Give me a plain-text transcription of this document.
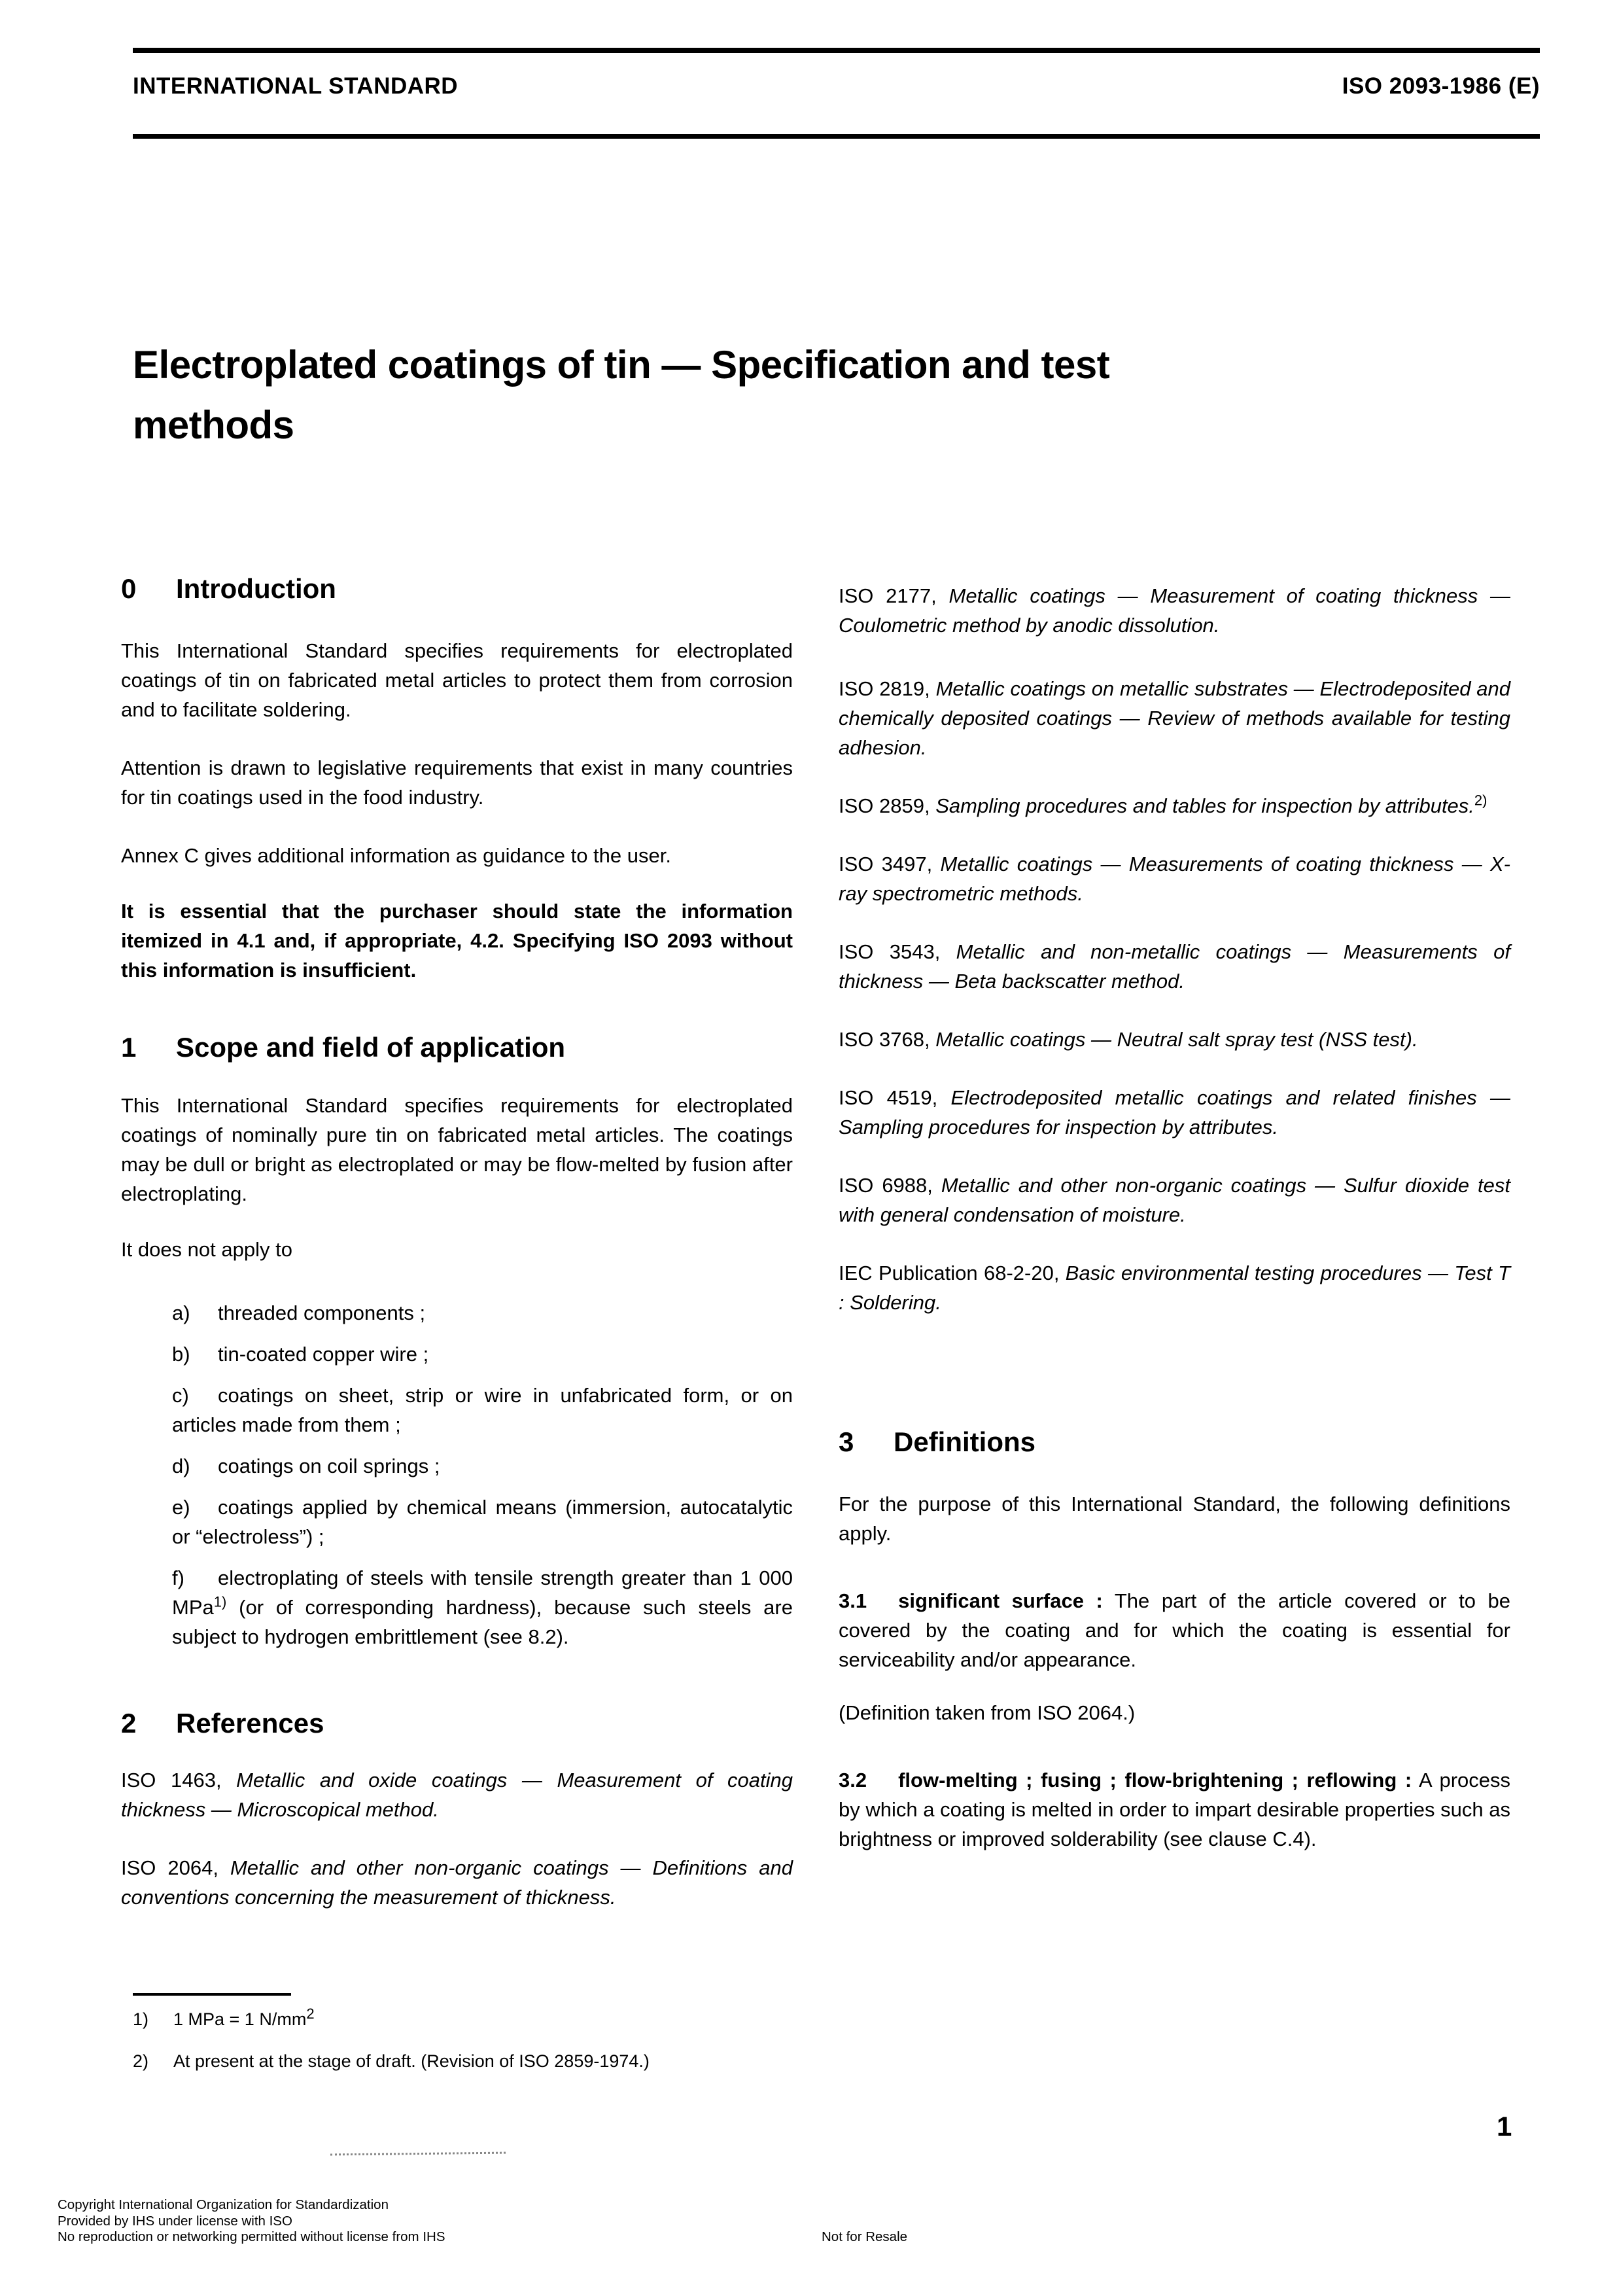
INTERNATIONAL STANDARD	ISO 2093-1986 (E)
Electroplated coatings of tin — Specification and test
methods
0 Introduction

This International Standard specifies requirements for electroplated coatings of tin on fabricated metal articles to protect them from corrosion and to facilitate soldering.

Attention is drawn to legislative requirements that exist in many countries for tin coatings used in the food industry.

Annex C gives additional information as guidance to the user.

It is essential that the purchaser should state the information itemized in 4.1 and, if appropriate, 4.2. Specifying ISO 2093 without this information is insufficient.

1 Scope and field of application

This International Standard specifies requirements for electroplated coatings of nominally pure tin on fabricated metal articles. The coatings may be dull or bright as electroplated or may be flow-melted by fusion after electroplating.

It does not apply to

a) threaded components ;
b) tin-coated copper wire ;
c) coatings on sheet, strip or wire in unfabricated form, or on articles made from them ;
d) coatings on coil springs ;
e) coatings applied by chemical means (immersion, autocatalytic or “electroless”) ;
f) electroplating of steels with tensile strength greater than 1 000 MPa$^{1)}$ (or of corresponding hardness), because such steels are subject to hydrogen embrittlement (see 8.2).
2 References

ISO 1463, Metallic and oxide coatings — Measurement of coating thickness — Microscopical method.

ISO 2064, Metallic and other non-organic coatings — Definitions and conventions concerning the measurement of thickness.

ISO 2177, Metallic coatings — Measurement of coating thickness — Coulometric method by anodic dissolution.

ISO 2819, Metallic coatings on metallic substrates — Electrodeposited and chemically deposited coatings — Review of methods available for testing adhesion.

ISO 2859, Sampling procedures and tables for inspection by attributes.$^{2)}$

ISO 3497, Metallic coatings — Measurements of coating thickness — X-ray spectrometric methods.

ISO 3543, Metallic and non-metallic coatings — Measurements of thickness — Beta backscatter method.

ISO 3768, Metallic coatings — Neutral salt spray test (NSS test).

ISO 4519, Electrodeposited metallic coatings and related finishes — Sampling procedures for inspection by attributes.

ISO 6988, Metallic and other non-organic coatings — Sulfur dioxide test with general condensation of moisture.

IEC Publication 68-2-20, Basic environmental testing procedures — Test T : Soldering.

3 Definitions

For the purpose of this International Standard, the following definitions apply.

3.1 significant surface : The part of the article covered or to be covered by the coating and for which the coating is essential for serviceability and/or appearance.

(Definition taken from ISO 2064.)

3.2 flow-melting ; fusing ; flow-brightening ; reflowing : A process by which a coating is melted in order to impart desirable properties such as brightness or improved solderability (see clause C.4).

1) 1 MPa = 1 $N/mm^2$
2) At present at the stage of draft. (Revision of ISO 2859-1974.)
1
Copyright International Organization for Standardization
Provided by IHS under license with ISO
No reproduction or networking permitted without license from IHS	Not for Resale
